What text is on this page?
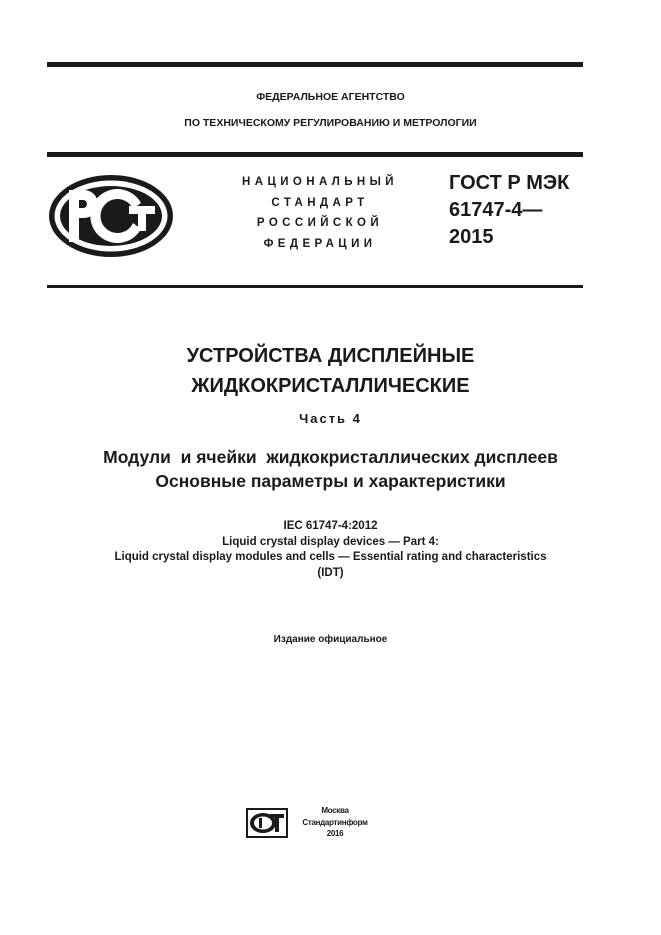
ФЕДЕРАЛЬНОЕ АГЕНТСТВО
ПО ТЕХНИЧЕСКОМУ РЕГУЛИРОВАНИЮ И МЕТРОЛОГИИ
НАЦИОНАЛЬНЫЙ
СТАНДАРТ
РОССИЙСКОЙ
ФЕДЕРАЦИИ
ГОСТ Р МЭК
61747-4—
2015
УСТРОЙСТВА ДИСПЛЕЙНЫЕ
ЖИДКОКРИСТАЛЛИЧЕСКИЕ
Часть 4
Модули  и ячейки  жидкокристаллических дисплеев
Основные параметры и характеристики
IEC 61747-4:2012
Liquid crystal display devices — Part 4:
Liquid crystal display modules and cells — Essential rating and characteristics
(IDT)
Издание официальное
Москва
Стандартинформ
2016
